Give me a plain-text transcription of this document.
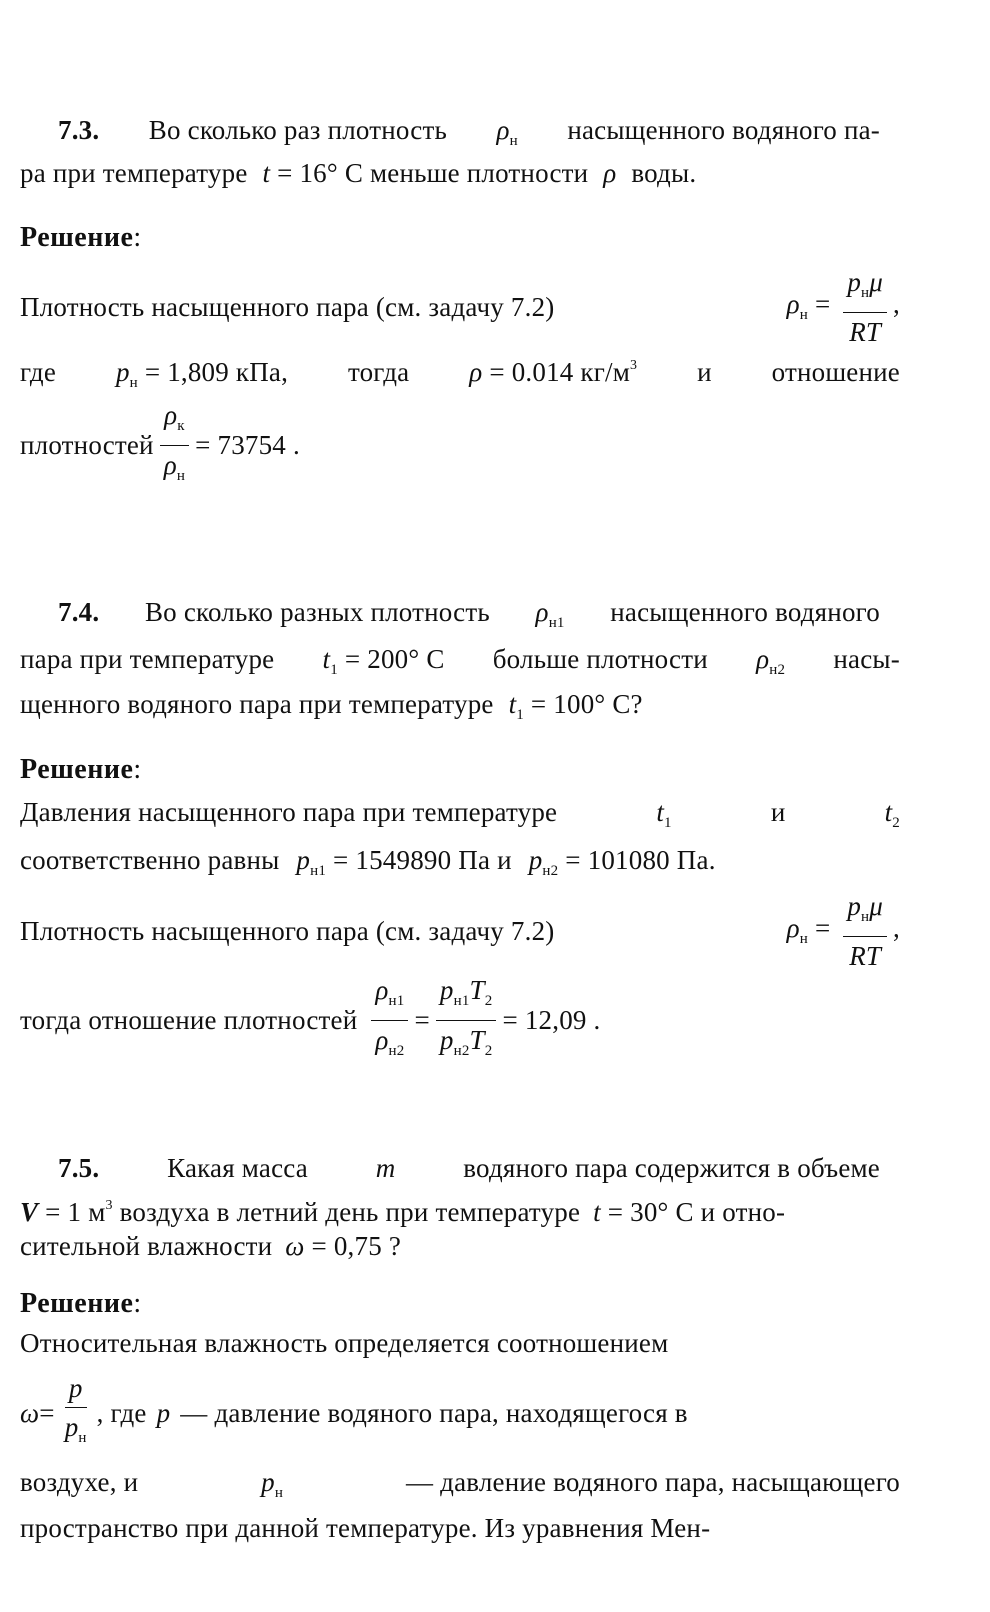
7.3. Во сколько раз плотность $\rho_н$ насыщенного водяного па-
ра при температуре t = 16° С меньше плотности ρ воды.
Решение:
Плотность насыщенного пара (см. задачу 7.2)	$\rho_н = \frac{p_н\mu}{RT}$ ,
где $p_н = 1,809$ кПа, тогда ρ = 0.014 $кг/м^3$ и отношение
плотностей $\frac{\rho_к}{\rho_н} = 73754$ .
7.4. Во сколько разных плотность $\rho_{н1}$ насыщенного водяного
пара при температуре $t_1 = 200^\circ$ С больше плотности $\rho_{н2}$ насы-
щенного водяного пара при температуре $t_1 = 100^\circ$ С?
Решение:
Давления насыщенного пара при температуре	$t_1$	и	$t_2$
соответственно равны $p_{н1} = 1549890$ Па и $p_{н2} = 101080$ Па.
Плотность насыщенного пара (см. задачу 7.2)	$\rho_н = \frac{p_н\mu}{RT}$ ,
тогда отношение плотностей $\frac{\rho_{н1}}{\rho_{н2}} = \frac{p_{н1}T_2}{p_{н2}T_2} = 12,09$ .
7.5.	Какая масса	m	водяного пара содержится в объеме
V = 1 $м^3$ воздуха в летний день при температуре t = 30° С и отно-
сительной влажности ω = 0,75 ?
Решение:
Относительная влажность определяется соотношением
$\omega = \frac{p}{p_н}$ , где p — давление водяного пара, находящегося в
воздухе, и	$p_н$	— давление водяного пара, насыщающего
пространство при данной температуре. Из уравнения Мен-
